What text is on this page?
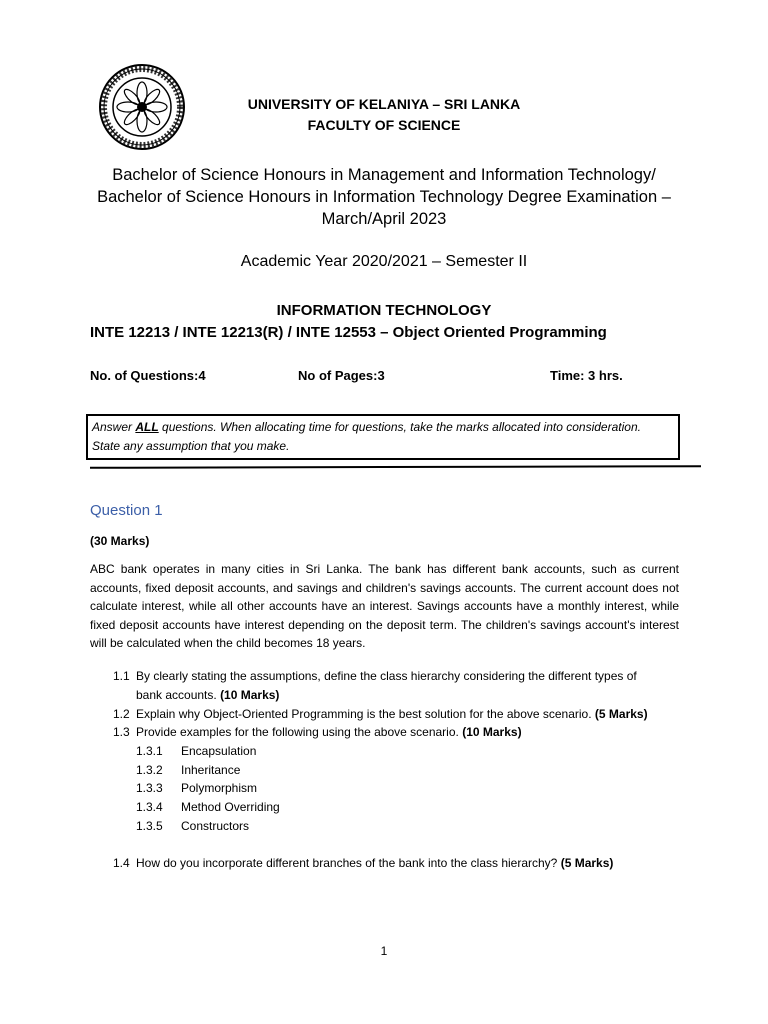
UNIVERSITY OF KELANIYA – SRI LANKA
FACULTY OF SCIENCE
Bachelor of Science Honours in Management and Information Technology/
Bachelor of Science Honours in Information Technology Degree Examination –
March/April 2023
Academic Year 2020/2021 – Semester II
INFORMATION TECHNOLOGY
INTE 12213 / INTE 12213(R) / INTE 12553 – Object Oriented Programming
No. of Questions:4	No of Pages:3	Time: 3 hrs.
Answer ALL questions. When allocating time for questions, take the marks allocated into consideration.
State any assumption that you make.
Question 1
(30 Marks)
ABC bank operates in many cities in Sri Lanka. The bank has different bank accounts, such as current accounts, fixed deposit accounts, and savings and children's savings accounts. The current account does not calculate interest, while all other accounts have an interest. Savings accounts have a monthly interest, while fixed deposit accounts have interest depending on the deposit term. The children's savings account's interest will be calculated when the child becomes 18 years.
1.1 By clearly stating the assumptions, define the class hierarchy considering the different types of
bank accounts. (10 Marks)
1.2 Explain why Object-Oriented Programming is the best solution for the above scenario. (5 Marks)
1.3 Provide examples for the following using the above scenario. (10 Marks)
1.3.1 Encapsulation
1.3.2 Inheritance
1.3.3 Polymorphism
1.3.4 Method Overriding
1.3.5 Constructors
1.4 How do you incorporate different branches of the bank into the class hierarchy? (5 Marks)
1
